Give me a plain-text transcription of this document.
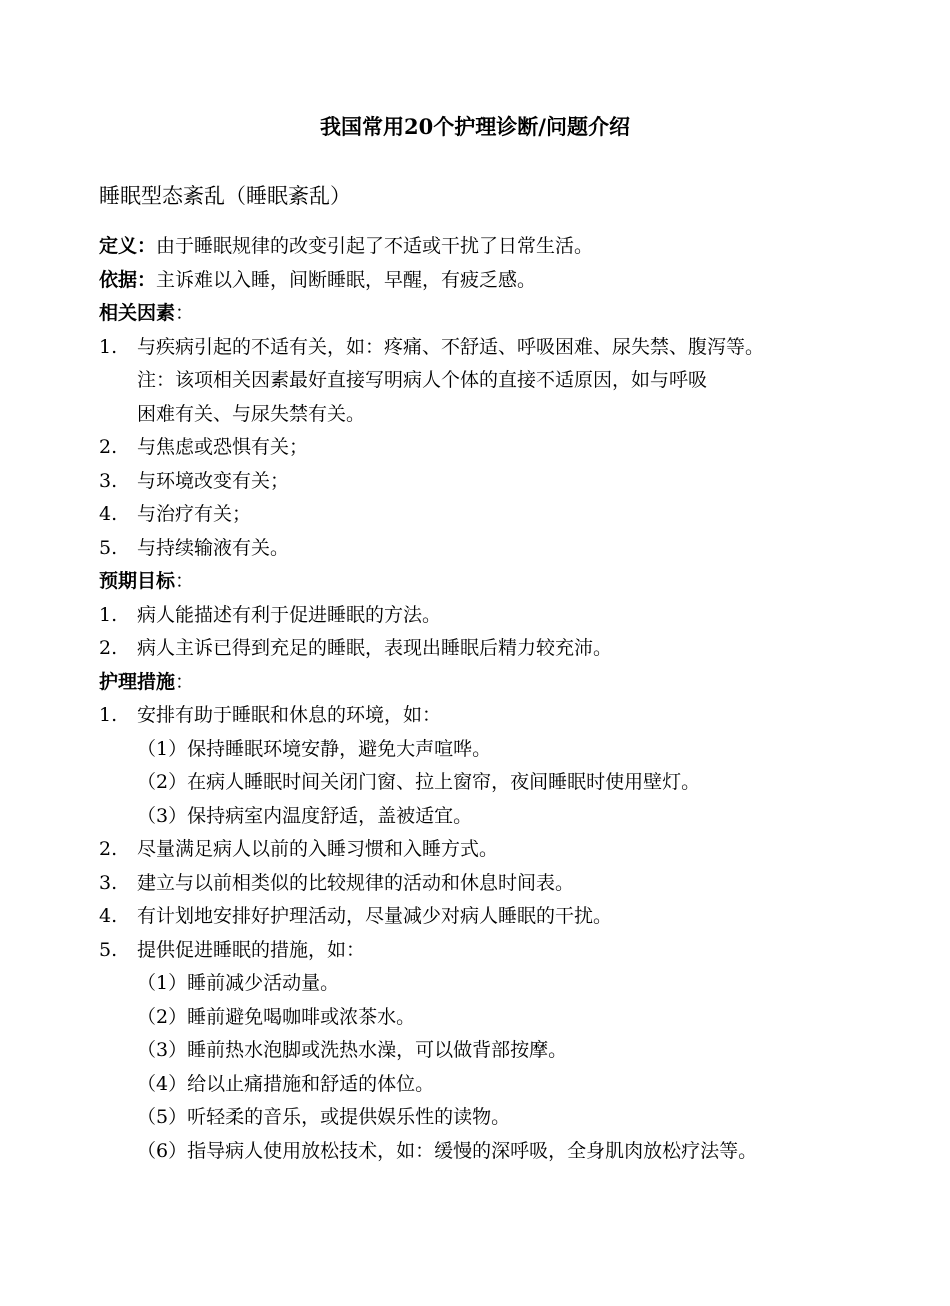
我国常用20个护理诊断/问题介绍
睡眠型态紊乱（睡眠紊乱）
定义：由于睡眠规律的改变引起了不适或干扰了日常生活。
依据：主诉难以入睡，间断睡眠，早醒，有疲乏感。
相关因素：
1. 与疾病引起的不适有关，如：疼痛、不舒适、呼吸困难、尿失禁、腹泻等。
注：该项相关因素最好直接写明病人个体的直接不适原因，如与呼吸
困难有关、与尿失禁有关。
2. 与焦虑或恐惧有关；
3. 与环境改变有关；
4. 与治疗有关；
5. 与持续输液有关。
预期目标：
1. 病人能描述有利于促进睡眠的方法。
2. 病人主诉已得到充足的睡眠，表现出睡眠后精力较充沛。
护理措施：
1. 安排有助于睡眠和休息的环境，如：
（1）保持睡眠环境安静，避免大声喧哗。
（2）在病人睡眠时间关闭门窗、拉上窗帘，夜间睡眠时使用壁灯。
（3）保持病室内温度舒适，盖被适宜。
2. 尽量满足病人以前的入睡习惯和入睡方式。
3. 建立与以前相类似的比较规律的活动和休息时间表。
4. 有计划地安排好护理活动，尽量减少对病人睡眠的干扰。
5. 提供促进睡眠的措施，如：
（1）睡前减少活动量。
（2）睡前避免喝咖啡或浓茶水。
（3）睡前热水泡脚或洗热水澡，可以做背部按摩。
（4）给以止痛措施和舒适的体位。
（5）听轻柔的音乐，或提供娱乐性的读物。
（6）指导病人使用放松技术，如：缓慢的深呼吸，全身肌肉放松疗法等。
